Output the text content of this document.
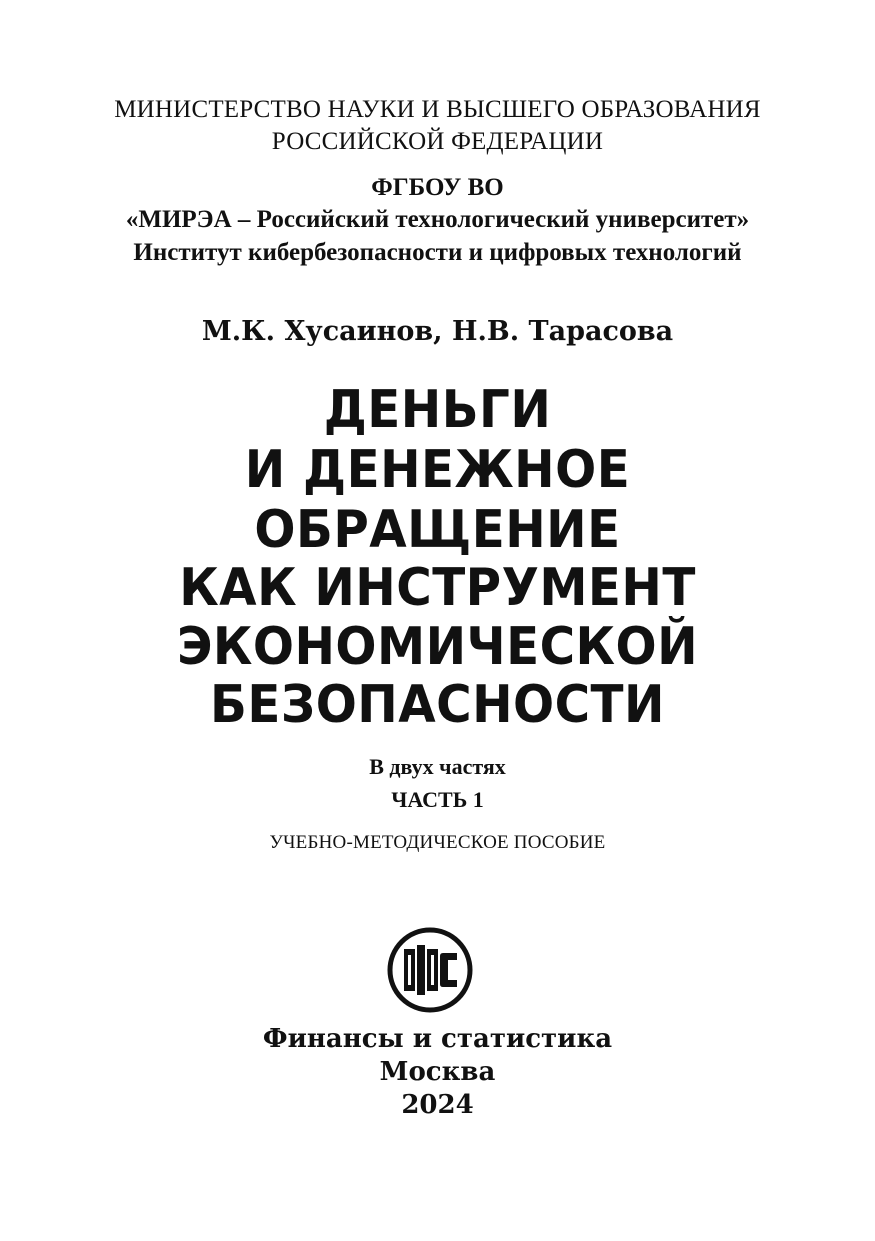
МИНИСТЕРСТВО НАУКИ И ВЫСШЕГО ОБРАЗОВАНИЯ
РОССИЙСКОЙ ФЕДЕРАЦИИ
ФГБОУ ВО
«МИРЭА – Российский технологический университет»
Институт кибербезопасности и цифровых технологий
М.К. Хусаинов, Н.В. Тарасова
ДЕНЬГИ
И ДЕНЕЖНОЕ
ОБРАЩЕНИЕ
КАК ИНСТРУМЕНТ
ЭКОНОМИЧЕСКОЙ
БЕЗОПАСНОСТИ
В двух частях
ЧАСТЬ 1
УЧЕБНО-МЕТОДИЧЕСКОЕ ПОСОБИЕ
Финансы и статистика
Москва
2024
